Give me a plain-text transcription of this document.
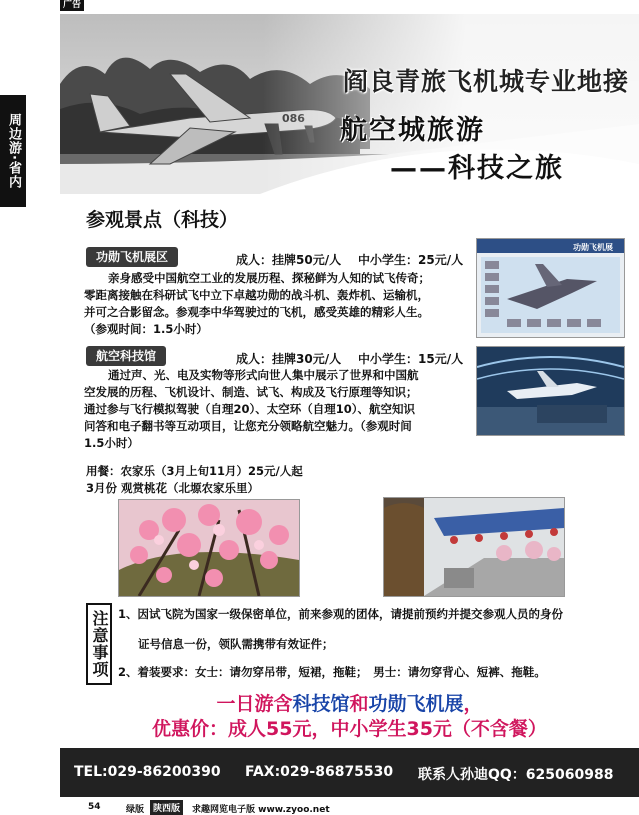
广告
周边游·省内
阎良青旅飞机城专业地接
航空城旅游
——科技之旅
参观景点（科技）
功勋飞机展区	成人：挂牌50元/人 中小学生：25元/人
亲身感受中国航空工业的发展历程、探秘鲜为人知的试飞传奇；
零距离接触在科研试飞中立下卓越功勋的战斗机、轰炸机、运输机，
并可之合影留念。参观李中华驾驶过的飞机，感受英雄的精彩人生。
（参观时间：1.5小时）
功勋飞机展
航空科技馆	成人：挂牌30元/人 中小学生：15元/人
通过声、光、电及实物等形式向世人集中展示了世界和中国航
空发展的历程、飞机设计、制造、试飞、构成及飞行原理等知识；
通过参与飞行模拟驾驶（自理20）、太空环（自理10）、航空知识
问答和电子翻书等互动项目，让您充分领略航空魅力。（参观时间
1.5小时）
用餐：农家乐（3月上旬11月）25元/人起
3月份 观赏桃花（北塬农家乐里）
注意事项 1、因试飞院为国家一级保密单位，前来参观的团体，请提前预约并提交参观人员的身份
证号信息一份，领队需携带有效证件；
2、着装要求：女士：请勿穿吊带，短裙，拖鞋；　男士：请勿穿背心、短裤、拖鞋。
一日游含科技馆和功勋飞机展，
优惠价：成人55元，中小学生35元（不含餐）
TEL:029-86200390 FAX:029-86875530 联系人孙迪QQ：625060988
54	绿版 陕西版	求趣网览电子版 www.zyoo.net
